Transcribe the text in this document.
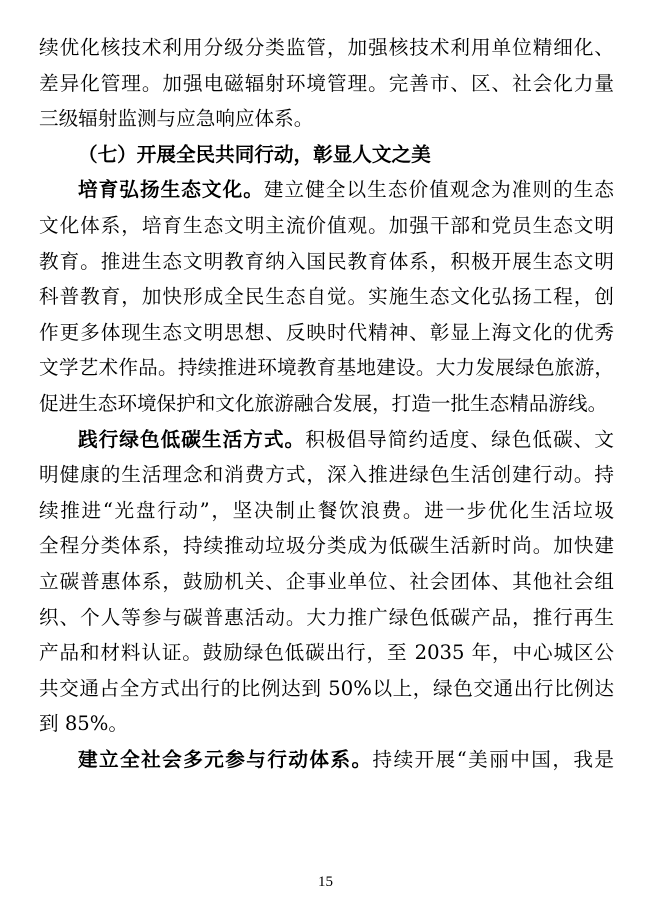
续优化核技术利用分级分类监管，加强核技术利用单位精细化、
差异化管理。加强电磁辐射环境管理。完善市、区、社会化力量
三级辐射监测与应急响应体系。
（七）开展全民共同行动，彰显人文之美
培育弘扬生态文化。建立健全以生态价值观念为准则的生态
文化体系，培育生态文明主流价值观。加强干部和党员生态文明
教育。推进生态文明教育纳入国民教育体系，积极开展生态文明
科普教育，加快形成全民生态自觉。实施生态文化弘扬工程，创
作更多体现生态文明思想、反映时代精神、彰显上海文化的优秀
文学艺术作品。持续推进环境教育基地建设。大力发展绿色旅游，
促进生态环境保护和文化旅游融合发展，打造一批生态精品游线。
践行绿色低碳生活方式。积极倡导简约适度、绿色低碳、文
明健康的生活理念和消费方式，深入推进绿色生活创建行动。持
续推进“光盘行动”，坚决制止餐饮浪费。进一步优化生活垃圾
全程分类体系，持续推动垃圾分类成为低碳生活新时尚。加快建
立碳普惠体系，鼓励机关、企事业单位、社会团体、其他社会组
织、个人等参与碳普惠活动。大力推广绿色低碳产品，推行再生
产品和材料认证。鼓励绿色低碳出行，至 2035 年，中心城区公
共交通占全方式出行的比例达到 50%以上，绿色交通出行比例达
到 85%。
建立全社会多元参与行动体系。持续开展“美丽中国，我是
15
